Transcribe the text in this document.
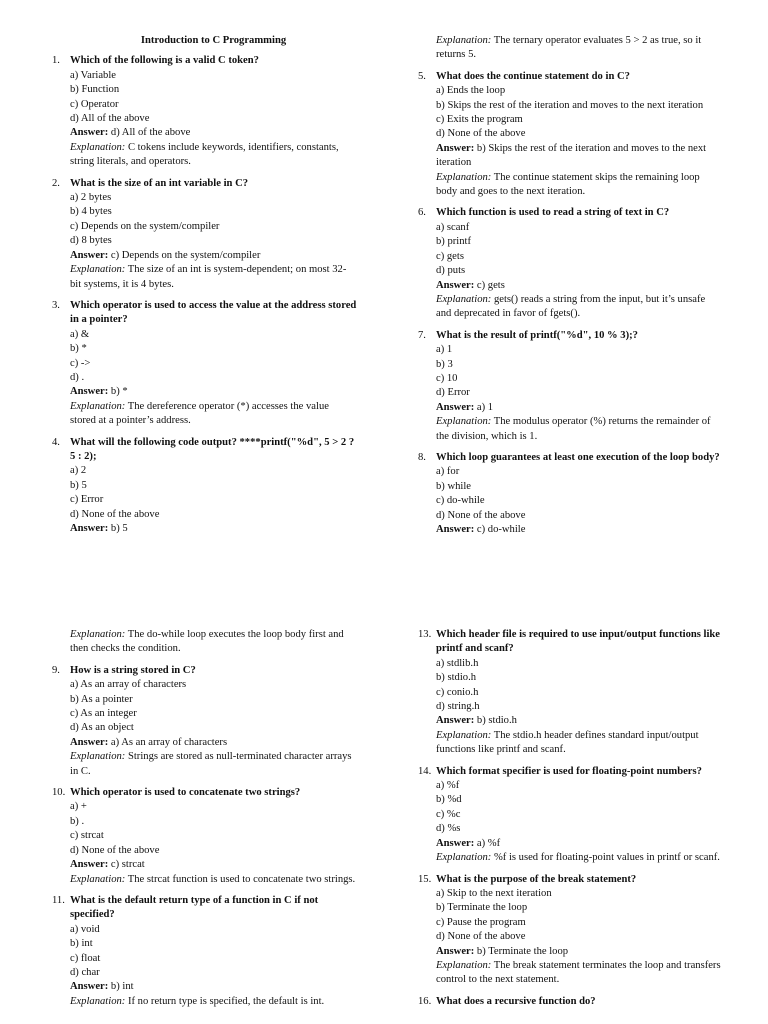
Introduction to C Programming
1. Which of the following is a valid C token?
a) Variable
b) Function
c) Operator
d) All of the above
Answer: d) All of the above
Explanation: C tokens include keywords, identifiers, constants, string literals, and operators.
2. What is the size of an int variable in C?
a) 2 bytes
b) 4 bytes
c) Depends on the system/compiler
d) 8 bytes
Answer: c) Depends on the system/compiler
Explanation: The size of an int is system-dependent; on most 32-bit systems, it is 4 bytes.
3. Which operator is used to access the value at the address stored in a pointer?
a) &
b) *
c) ->
d) .
Answer: b) *
Explanation: The dereference operator (*) accesses the value stored at a pointer’s address.
4. What will the following code output? ****printf("%d", 5 > 2 ? 5 : 2);
a) 2
b) 5
c) Error
d) None of the above
Answer: b) 5
Explanation: The ternary operator evaluates 5 > 2 as true, so it returns 5.
5. What does the continue statement do in C?
a) Ends the loop
b) Skips the rest of the iteration and moves to the next iteration
c) Exits the program
d) None of the above
Answer: b) Skips the rest of the iteration and moves to the next iteration
Explanation: The continue statement skips the remaining loop body and goes to the next iteration.
6. Which function is used to read a string of text in C?
a) scanf
b) printf
c) gets
d) puts
Answer: c) gets
Explanation: gets() reads a string from the input, but it’s unsafe and deprecated in favor of fgets().
7. What is the result of printf("%d", 10 % 3);?
a) 1
b) 3
c) 10
d) Error
Answer: a) 1
Explanation: The modulus operator (%) returns the remainder of the division, which is 1.
8. Which loop guarantees at least one execution of the loop body?
a) for
b) while
c) do-while
d) None of the above
Answer: c) do-while
Explanation: The do-while loop executes the loop body first and then checks the condition.
9. How is a string stored in C?
a) As an array of characters
b) As a pointer
c) As an integer
d) As an object
Answer: a) As an array of characters
Explanation: Strings are stored as null-terminated character arrays in C.
10. Which operator is used to concatenate two strings?
a) +
b) .
c) strcat
d) None of the above
Answer: c) strcat
Explanation: The strcat function is used to concatenate two strings.
11. What is the default return type of a function in C if not specified?
a) void
b) int
c) float
d) char
Answer: b) int
Explanation: If no return type is specified, the default is int.
13. Which header file is required to use input/output functions like printf and scanf?
a) stdlib.h
b) stdio.h
c) conio.h
d) string.h
Answer: b) stdio.h
Explanation: The stdio.h header defines standard input/output functions like printf and scanf.
14. Which format specifier is used for floating-point numbers?
a) %f
b) %d
c) %c
d) %s
Answer: a) %f
Explanation: %f is used for floating-point values in printf or scanf.
15. What is the purpose of the break statement?
a) Skip to the next iteration
b) Terminate the loop
c) Pause the program
d) None of the above
Answer: b) Terminate the loop
Explanation: The break statement terminates the loop and transfers control to the next statement.
16. What does a recursive function do?
